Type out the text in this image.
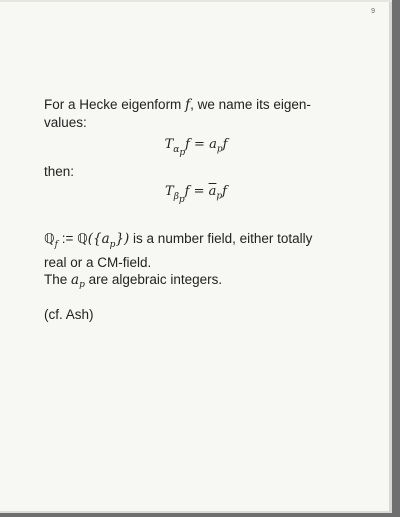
9
For a Hecke eigenform f, we name its eigen-
values:
$T_{\alpha_p}f = a_pf$
then:
$T_{\beta_p}f = \overline{a}_pf$
ℚ$_f$ := $ℚ(\{a_p\})$ is a number field, either totally
real or a CM-field.
The $a_p$ are algebraic integers.
(cf. Ash)
